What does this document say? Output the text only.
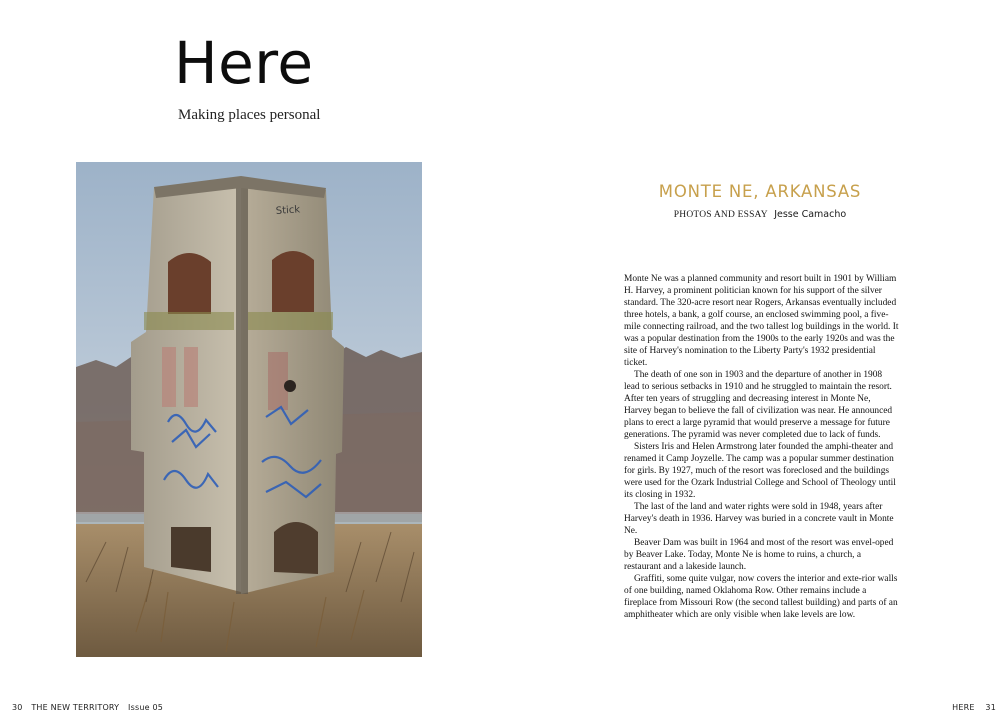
Here
Making places personal
Stick
30 THE NEW TERRITORY Issue 05
MONTE NE, ARKANSAS
PHOTOS AND ESSAY Jesse Camacho

Monte Ne was a planned community and resort built in 1901 by William H. Harvey, a prominent politician known for his support of the silver standard. The 320-acre resort near Rogers, Arkansas eventually included three hotels, a bank, a golf course, an enclosed swimming pool, a five-mile connecting railroad, and the two tallest log buildings in the world. It was a popular destination from the 1900s to the early 1920s and was the site of Harvey's nomination to the Liberty Party's 1932 presidential ticket.

The death of one son in 1903 and the departure of another in 1908 lead to serious setbacks in 1910 and he struggled to maintain the resort. After ten years of struggling and decreasing interest in Monte Ne, Harvey began to believe the fall of civilization was near. He announced plans to erect a large pyramid that would preserve a message for future generations. The pyramid was never completed due to lack of funds.

Sisters Iris and Helen Armstrong later founded the amphi-theater and renamed it Camp Joyzelle. The camp was a popular summer destination for girls. By 1927, much of the resort was foreclosed and the buildings were used for the Ozark Industrial College and School of Theology until its closing in 1932.

The last of the land and water rights were sold in 1948, years after Harvey's death in 1936. Harvey was buried in a concrete vault in Monte Ne.

Beaver Dam was built in 1964 and most of the resort was envel-oped by Beaver Lake. Today, Monte Ne is home to ruins, a church, a restaurant and a lakeside launch.

Graffiti, some quite vulgar, now covers the interior and exte-rior walls of one building, named Oklahoma Row. Other remains include a fireplace from Missouri Row (the second tallest building) and parts of an amphitheater which are only visible when lake levels are low.

HERE 31
